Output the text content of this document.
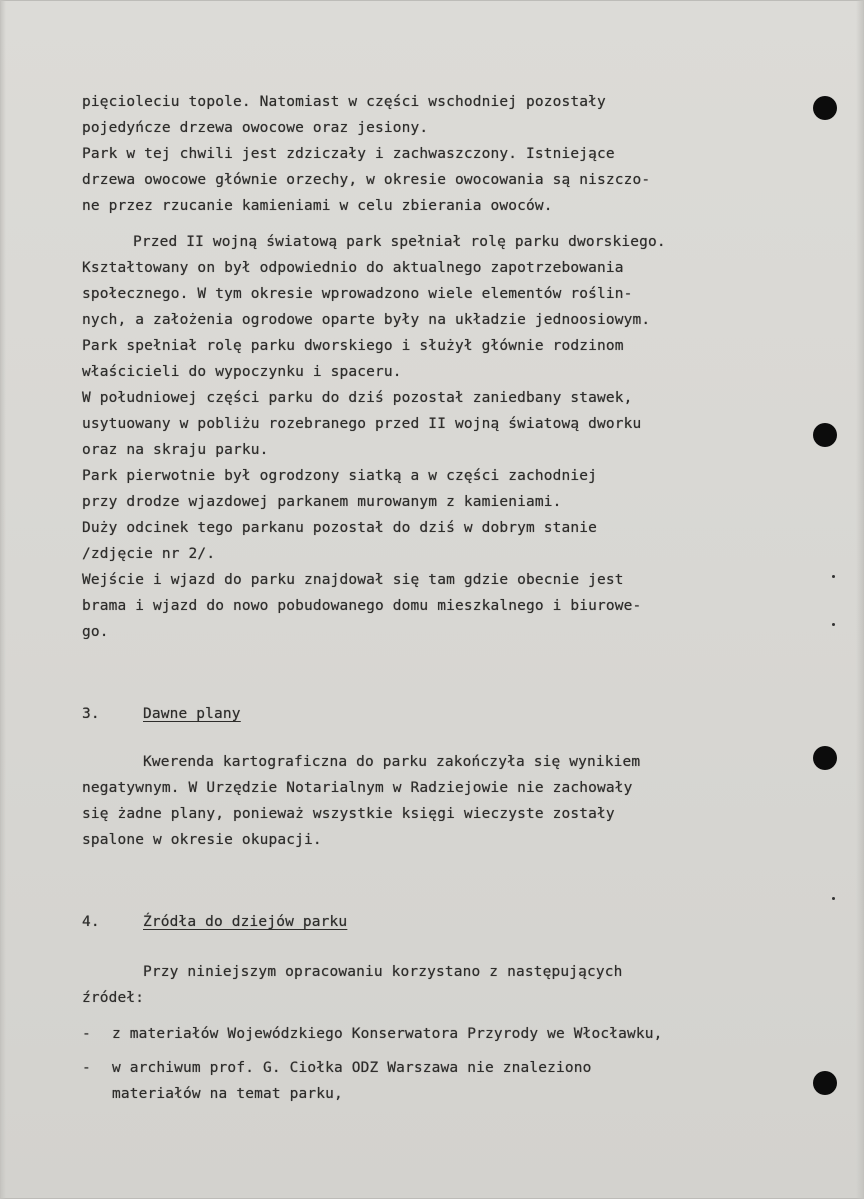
pięcioleciu topole. Natomiast w części wschodniej pozostały

pojedyńcze drzewa owocowe oraz jesiony.

Park w tej chwili jest zdziczały i zachwaszczony. Istniejące

drzewa owocowe głównie orzechy, w okresie owocowania są niszczo-

ne przez rzucanie kamieniami w celu zbierania owoców.

Przed II wojną światową park spełniał rolę parku dworskiego.

Kształtowany on był odpowiednio do aktualnego zapotrzebowania

społecznego. W tym okresie wprowadzono wiele elementów roślin-

nych, a założenia ogrodowe oparte były na układzie jednoosiowym.

Park spełniał rolę parku dworskiego i służył głównie rodzinom

właścicieli do wypoczynku i spaceru.

W południowej części parku do dziś pozostał zaniedbany stawek,

usytuowany w pobliżu rozebranego przed II wojną światową dworku

oraz na skraju parku.

Park pierwotnie był ogrodzony siatką a w części zachodniej

przy drodze wjazdowej parkanem murowanym z kamieniami.

Duży odcinek tego parkanu pozostał do dziś w dobrym stanie

/zdjęcie nr 2/.

Wejście i wjazd do parku znajdował się tam gdzie obecnie jest

brama i wjazd do nowo pobudowanego domu mieszkalnego i biurowe-

go.

3.	Dawne plany

Kwerenda kartograficzna do parku zakończyła się wynikiem

negatywnym. W Urzędzie Notarialnym w Radziejowie nie zachowały

się żadne plany, ponieważ wszystkie księgi wieczyste zostały

spalone w okresie okupacji.

4.	Źródła do dziejów parku

Przy niniejszym opracowaniu korzystano z następujących

źródeł:

- z materiałów Wojewódzkiego Konserwatora Przyrody we Włocławku,

- w archiwum prof. G. Ciołka ODZ Warszawa nie znaleziono

materiałów na temat parku,
